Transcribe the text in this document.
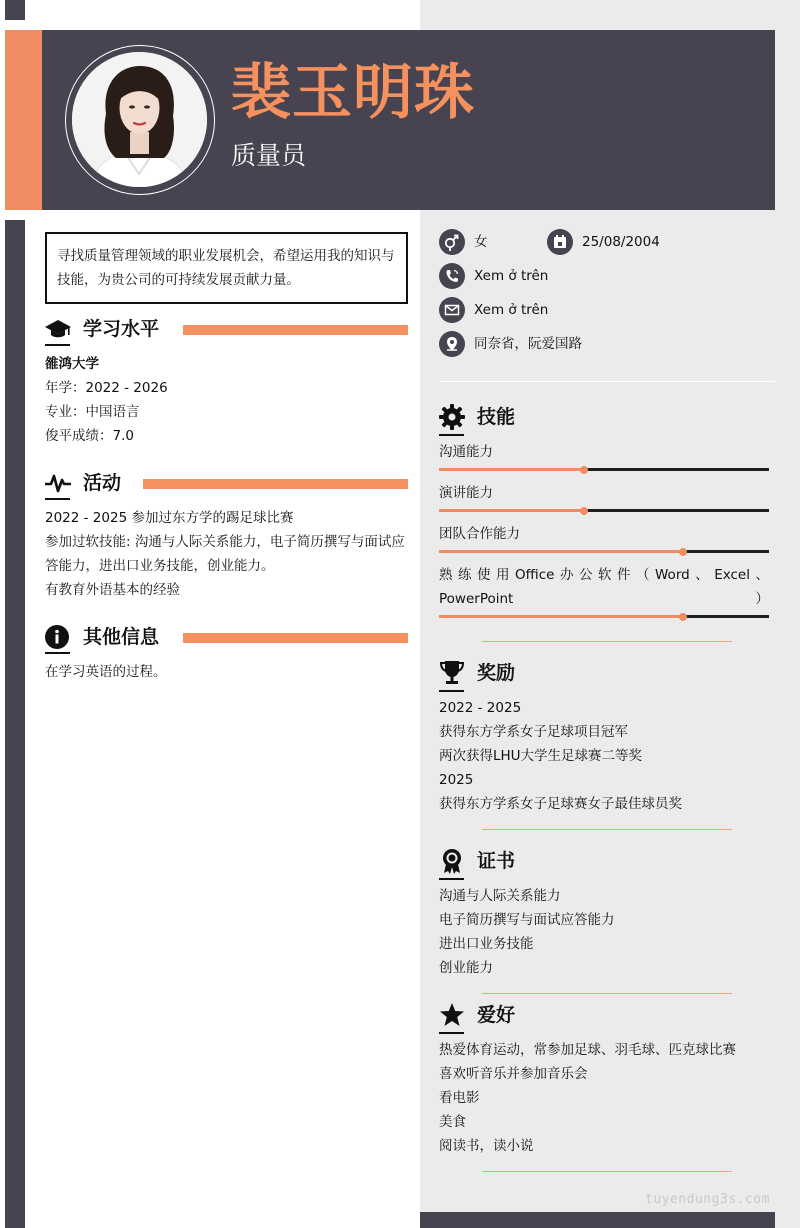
裴玉明珠
质量员
寻找质量管理领域的职业发展机会，希望运用我的知识与技能，为贵公司的可持续发展贡献力量。
学习水平
雒鸿大学
年学：2022 - 2026
专业：中国语言
俊平成绩：7.0
活动
2022 - 2025 参加过东方学的踢足球比赛
参加过软技能: 沟通与人际关系能力，电子简历撰写与面试应答能力，进出口业务技能，创业能力。
有教育外语基本的经验
其他信息
在学习英语的过程。
女	25/08/2004
Xem ở trên
Xem ở trên
同奈省，阮爱国路
技能
沟通能力
演讲能力
团队合作能力
熟练使用Office办公软件（Word、Excel、PowerPoint）
奖励
2022 - 2025
获得东方学系女子足球项目冠军
两次获得LHU大学生足球赛二等奖
2025
获得东方学系女子足球赛女子最佳球员奖
证书
沟通与人际关系能力
电子简历撰写与面试应答能力
进出口业务技能
创业能力
爱好
热爱体育运动，常参加足球、羽毛球、匹克球比赛
喜欢听音乐并参加音乐会
看电影
美食
阅读书，读小说
tuyendung3s.com
